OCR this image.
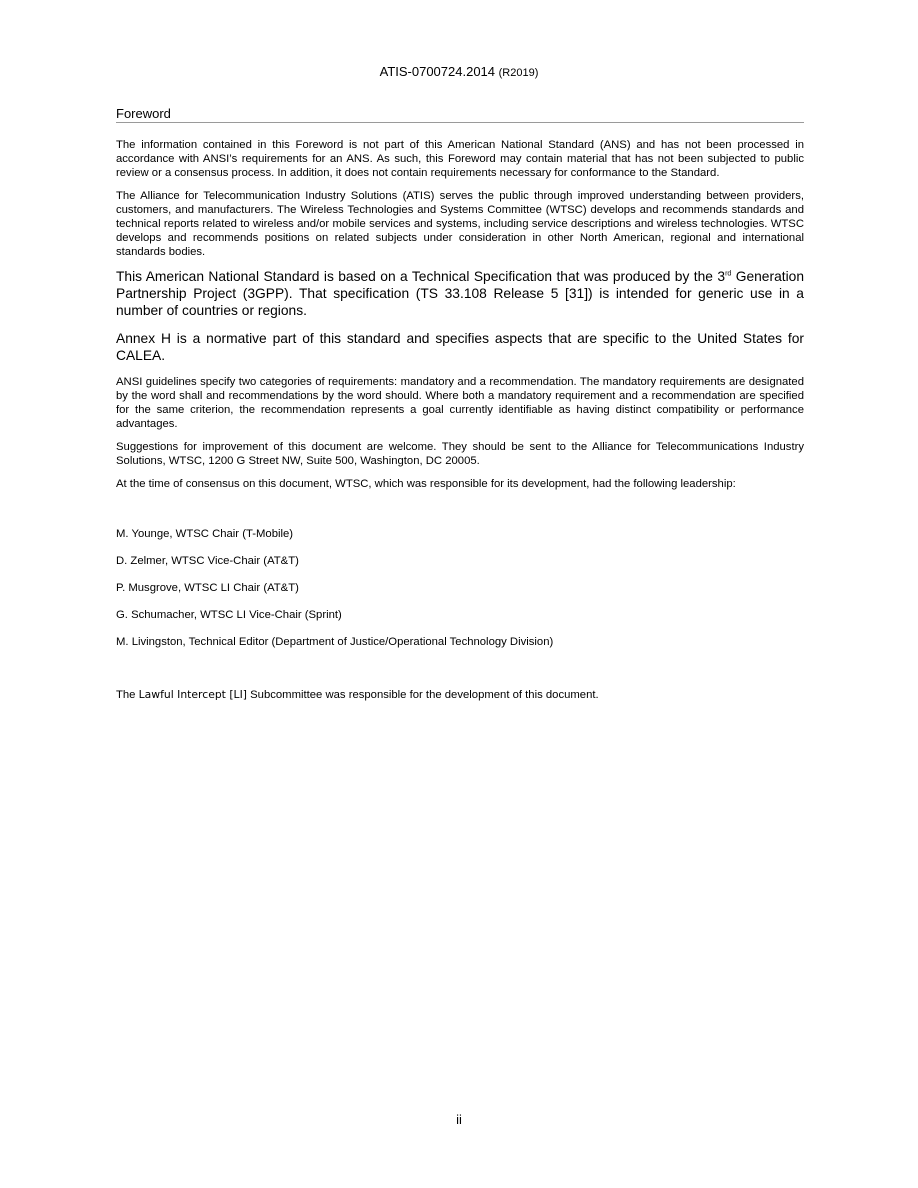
ATIS-0700724.2014 (R2019)
Foreword

The information contained in this Foreword is not part of this American National Standard (ANS) and has not been processed in accordance with ANSI’s requirements for an ANS. As such, this Foreword may contain material that has not been subjected to public review or a consensus process. In addition, it does not contain requirements necessary for conformance to the Standard.

The Alliance for Telecommunication Industry Solutions (ATIS) serves the public through improved understanding between providers, customers, and manufacturers. The Wireless Technologies and Systems Committee (WTSC) develops and recommends standards and technical reports related to wireless and/or mobile services and systems, including service descriptions and wireless technologies. WTSC develops and recommends positions on related subjects under consideration in other North American, regional and international standards bodies.

This American National Standard is based on a Technical Specification that was produced by the 3rd Generation Partnership Project (3GPP). That specification (TS 33.108 Release 5 [31]) is intended for generic use in a number of countries or regions.

Annex H is a normative part of this standard and specifies aspects that are specific to the United States for CALEA.

ANSI guidelines specify two categories of requirements: mandatory and a recommendation. The mandatory requirements are designated by the word shall and recommendations by the word should. Where both a mandatory requirement and a recommendation are specified for the same criterion, the recommendation represents a goal currently identifiable as having distinct compatibility or performance advantages.

Suggestions for improvement of this document are welcome. They should be sent to the Alliance for Telecommunications Industry Solutions, WTSC, 1200 G Street NW, Suite 500, Washington, DC 20005.

At the time of consensus on this document, WTSC, which was responsible for its development, had the following leadership:

M. Younge, WTSC Chair (T-Mobile)
D. Zelmer, WTSC Vice-Chair (AT&T)
P. Musgrove, WTSC LI Chair (AT&T)
G. Schumacher, WTSC LI Vice-Chair (Sprint)
M. Livingston, Technical Editor (Department of Justice/Operational Technology Division)
The Lawful Intercept [LI] Subcommittee was responsible for the development of this document.
ii
